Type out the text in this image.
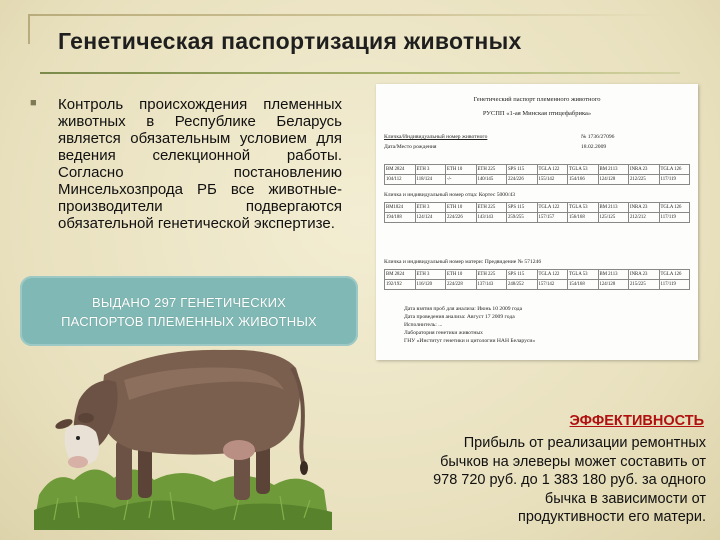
Генетическая паспортизация животных
■ Контроль происхождения племенных животных в Республике Беларусь является обязательным условием для ведения селекционной работы. Согласно постановлению Минсельхозпрода РБ все животные-производители подвергаются обязательной генетической экспертизе.
ВЫДАНО 297 ГЕНЕТИЧЕСКИХ
ПАСПОРТОВ ПЛЕМЕННЫХ ЖИВОТНЫХ
Генетический паспорт племенного животного
РУСПП «1-ая Минская птицефабрика»
Кличка/Индивидуальный номер животного	№ 1736/27096
Дата/Место рождения	18.02.2009
BM 2824	ETH 3	ETH 10	ETH 225	SPS 115	TGLA 122	TGLA 53	BM 2113	INRA 23	TGLA 126
104/112	118/124	-/-	140/145	224/226	155/142	154/166	124/128	212/225	117/119
Кличка и индивидуальный номер отца: Кортес 5000/43
BM1824	ETH 3	ETH 10	ETH 225	SPS 115	TGLA 122	TGLA 53	BM 2113	INRA 23	TGLA 126
194/188	124/124	224/226	143/143	259/255	157/157	156/168	125/125	212/212	117/119
Кличка и индивидуальный номер матери: Предвидение № 571246
BM 2824	ETH 3	ETH 10	ETH 225	SPS 115	TGLA 122	TGLA 53	BM 2113	INRA 23	TGLA 126
192/192	116/120	224/228	137/143	248/252	157/142	154/168	124/128	215/225	117/119
Дата взятия проб для анализа: Июнь 10 2009 года
Дата проведения анализа: Август 17 2009 года
Исполнитель: ...
Лаборатория генетики животных
ГНУ «Институт генетики и цитологии НАН Беларуси»
ЭФФЕКТИВНОСТЬ
Прибыль от реализации ремонтных
бычков на элеверы может составить от
978 720 руб. до 1 383 180 руб. за одного
бычка в зависимости от
продуктивности его матери.
